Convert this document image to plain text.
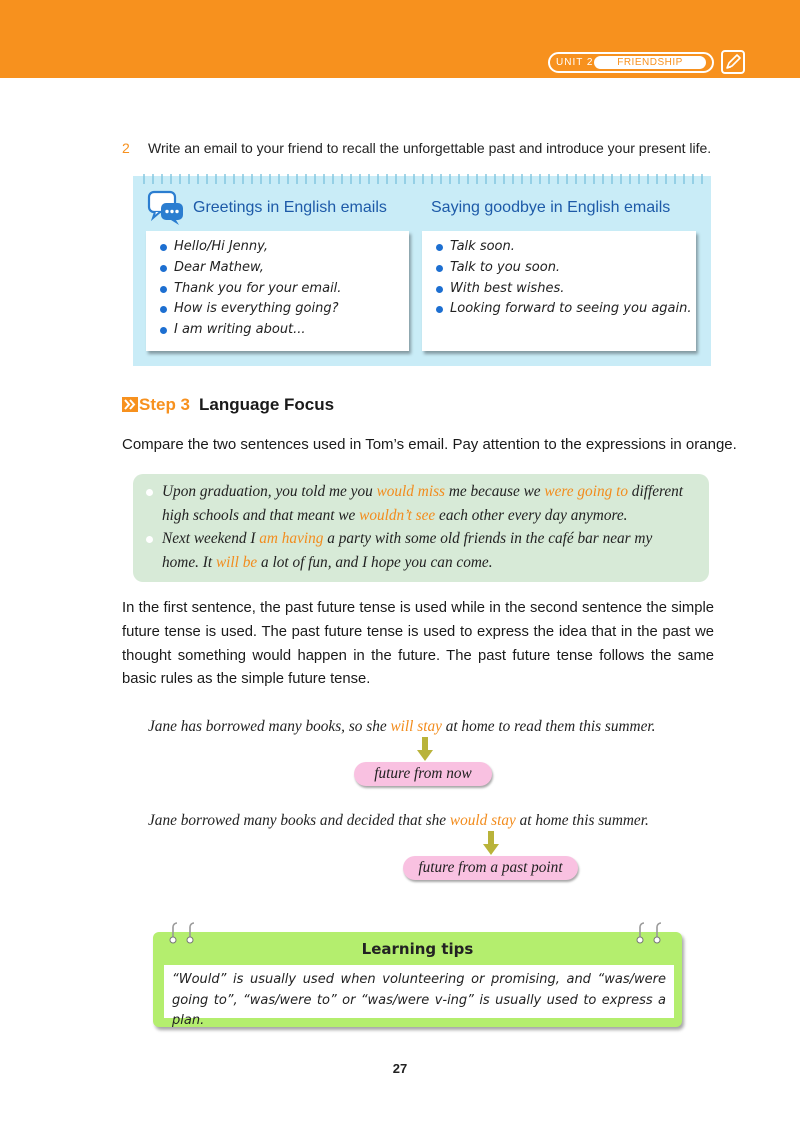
UNIT 2	FRIENDSHIP
2 Write an email to your friend to recall the unforgettable past and introduce your present life.
Greetings in English emails	Saying goodbye in English emails
Hello/Hi Jenny,
Dear Mathew,
Thank you for your email.
How is everything going?
I am writing about...
Talk soon.
Talk to you soon.
With best wishes.
Looking forward to seeing you again.
Step 3 Language Focus
Compare the two sentences used in Tom’s email. Pay attention to the expressions in orange.
Upon graduation, you told me you would miss me because we were going to different
high schools and that meant we wouldn’t see each other every day anymore.
Next weekend I am having a party with some old friends in the café bar near my
home. It will be a lot of fun, and I hope you can come.
In the first sentence, the past future tense is used while in the second sentence the simple future tense is used. The past future tense is used to express the idea that in the past we thought something would happen in the future. The past future tense follows the same basic rules as the simple future tense.
Jane has borrowed many books, so she will stay at home to read them this summer.
future from now
Jane borrowed many books and decided that she would stay at home this summer.
future from a past point
Learning tips
“Would” is usually used when volunteering or promising, and “was/were going to”, “was/were to” or “was/were v-ing” is usually used to express a plan.
27
